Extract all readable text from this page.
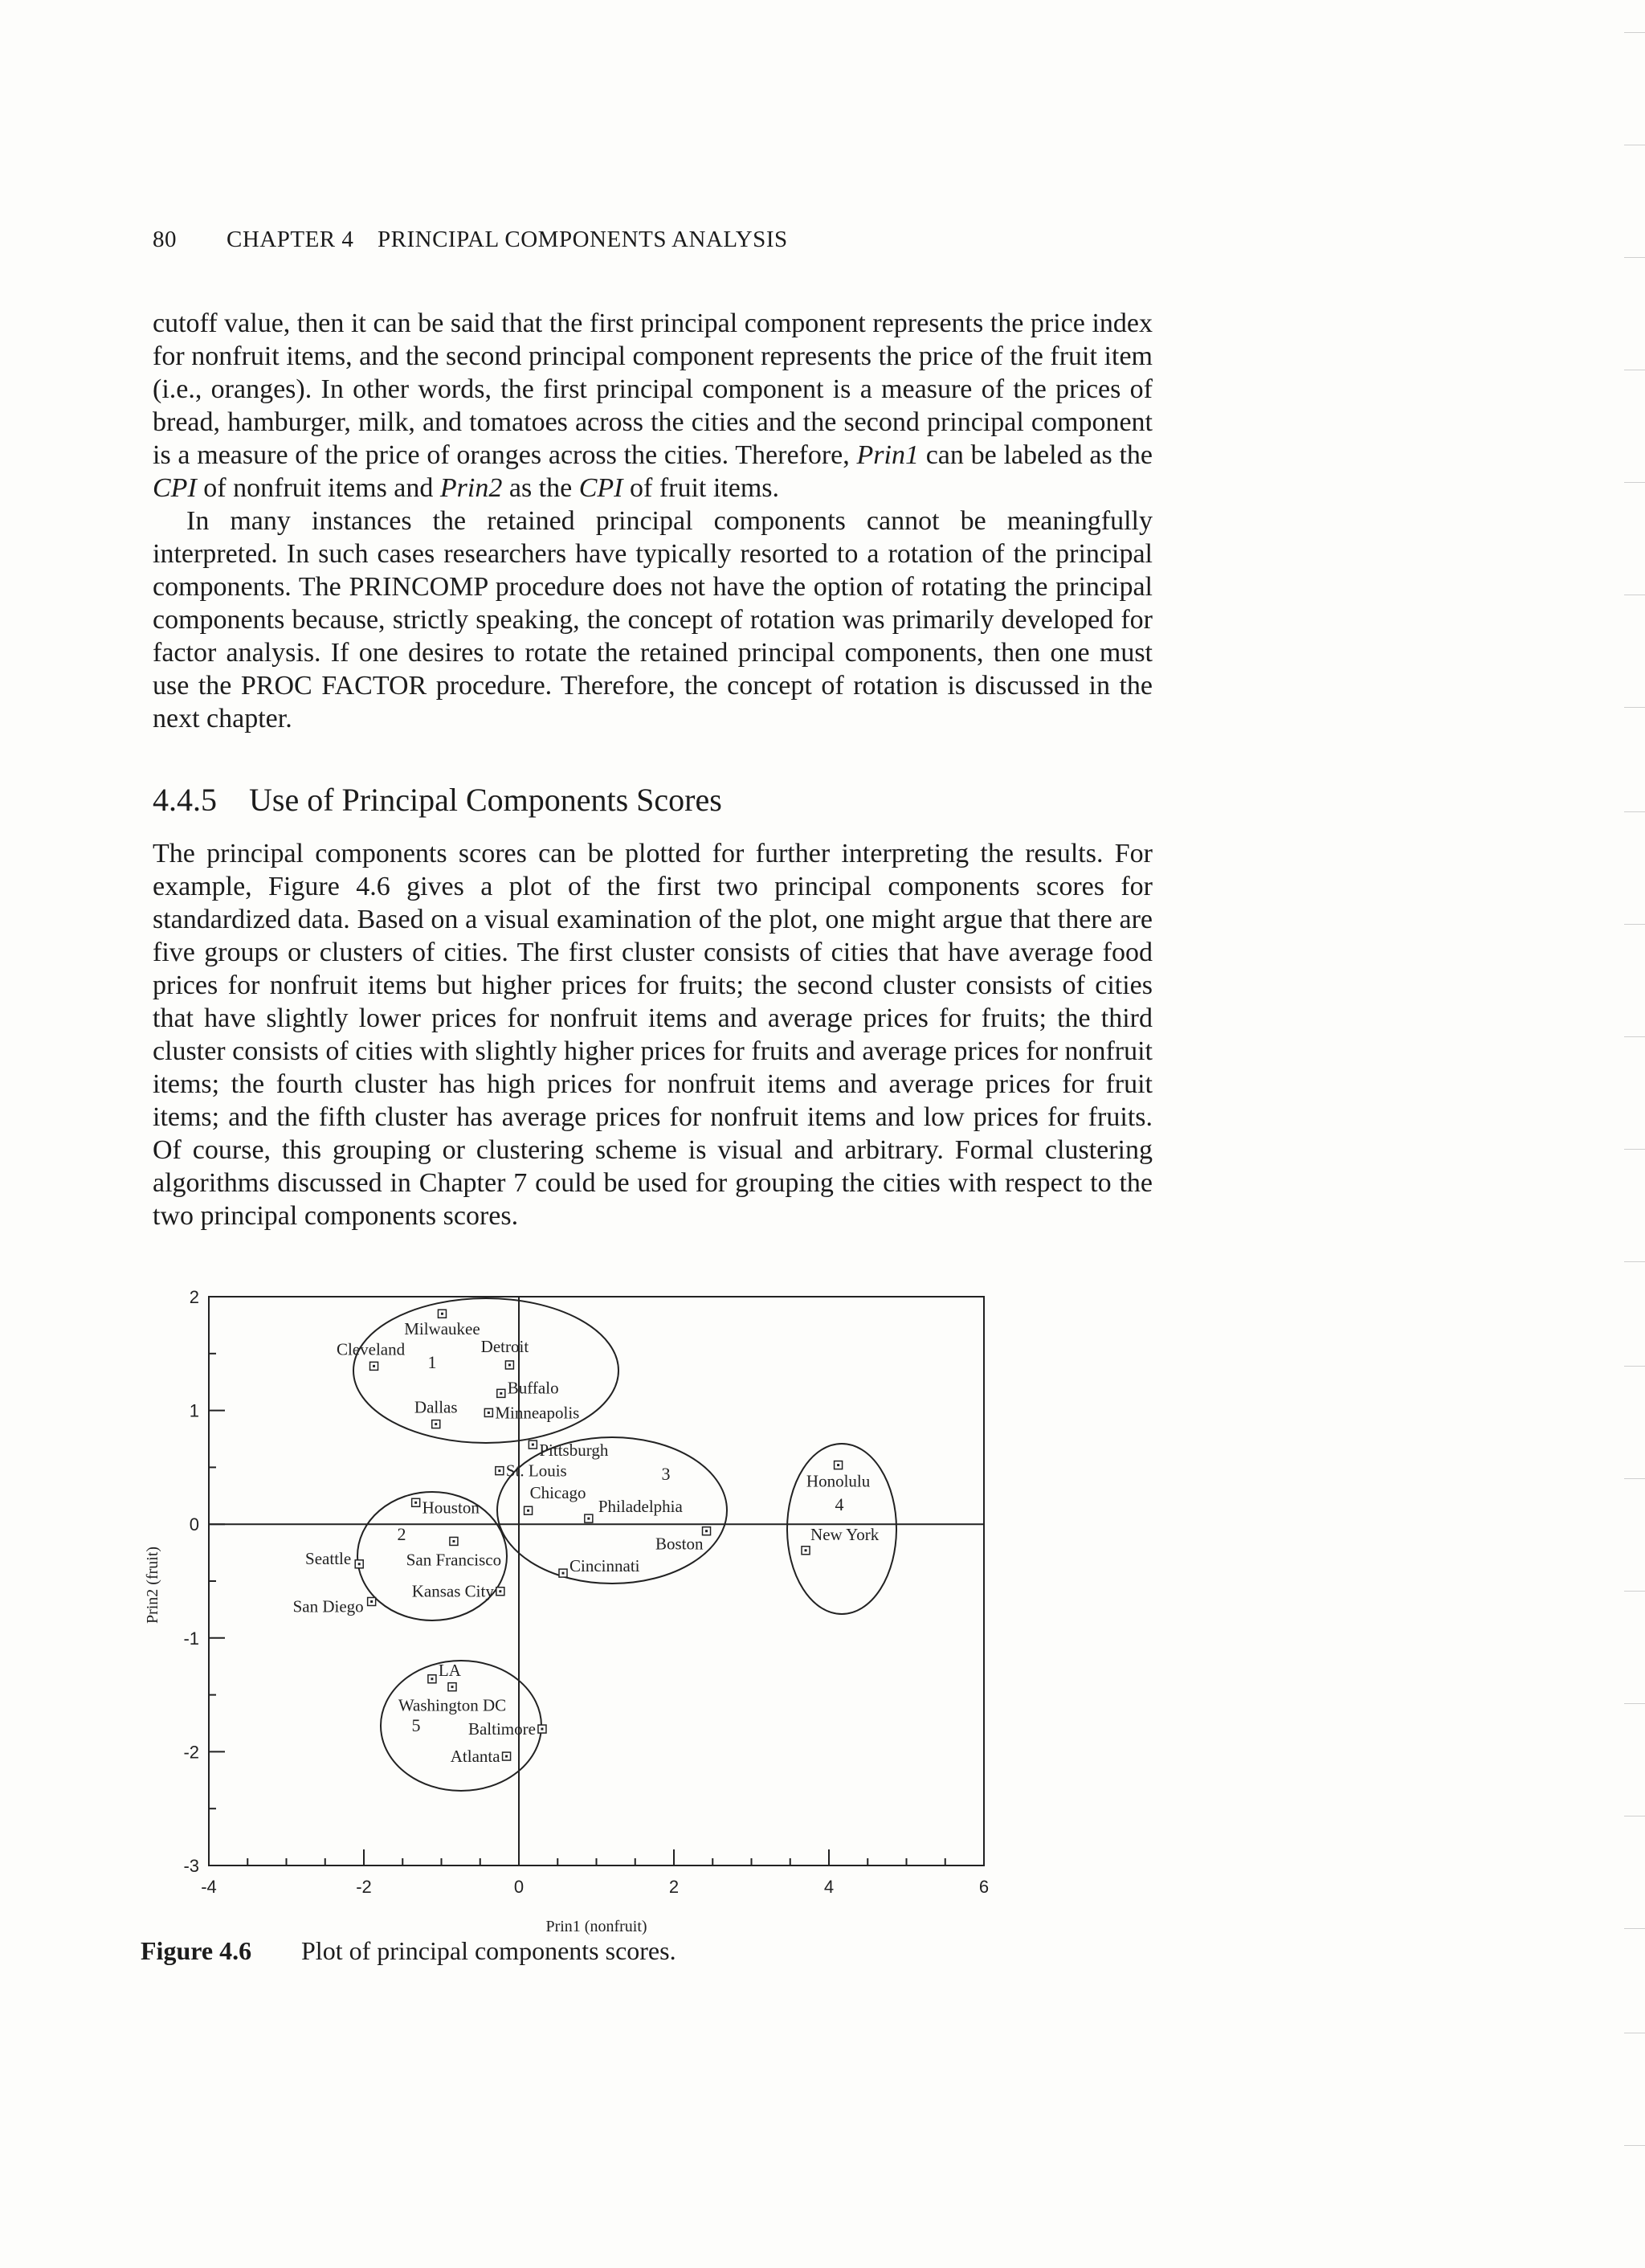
80 CHAPTER 4 PRINCIPAL COMPONENTS ANALYSIS

cutoff value, then it can be said that the first principal component represents the price index for nonfruit items, and the second principal component represents the price of the fruit item (i.e., oranges). In other words, the first principal component is a measure of the prices of bread, hamburger, milk, and tomatoes across the cities and the second principal component is a measure of the price of oranges across the cities. Therefore, Prin1 can be labeled as the CPI of nonfruit items and Prin2 as the CPI of fruit items.

In many instances the retained principal components cannot be meaningfully interpreted. In such cases researchers have typically resorted to a rotation of the principal components. The PRINCOMP procedure does not have the option of rotating the principal components because, strictly speaking, the concept of rotation was primarily developed for factor analysis. If one desires to rotate the retained principal components, then one must use the PROC FACTOR procedure. Therefore, the concept of rotation is discussed in the next chapter.

4.4.5 Use of Principal Components Scores

The principal components scores can be plotted for further interpreting the results. For example, Figure 4.6 gives a plot of the first two principal components scores for standardized data. Based on a visual examination of the plot, one might argue that there are five groups or clusters of cities. The first cluster consists of cities that have average food prices for nonfruit items but higher prices for fruits; the second cluster consists of cities that have slightly lower prices for nonfruit items and average prices for fruits; the third cluster consists of cities with slightly higher prices for fruits and average prices for nonfruit items; the fourth cluster has high prices for nonfruit items and average prices for fruit items; and the fifth cluster has average prices for nonfruit items and low prices for fruits. Of course, this grouping or clustering scheme is visual and arbitrary. Formal clustering algorithms discussed in Chapter 7 could be used for grouping the cities with respect to the two principal components scores.

-4	-2	0	2	4	6
-3
-2
-1
0
1
2
Prin1 (nonfruit)
Prin2 (fruit)
1
2
3
4
5
Milwaukee
Cleveland	Detroit
Buffalo
Dallas Minneapolis
Pittsburgh
St. Louis
Chicago
Philadelphia
Boston
Cincinnati
Houston
San Francisco
Seattle
San Diego
Kansas City
Honolulu
New York
LA
Washington DC
Baltimore
Atlanta
Figure 4.6 Plot of principal components scores.
